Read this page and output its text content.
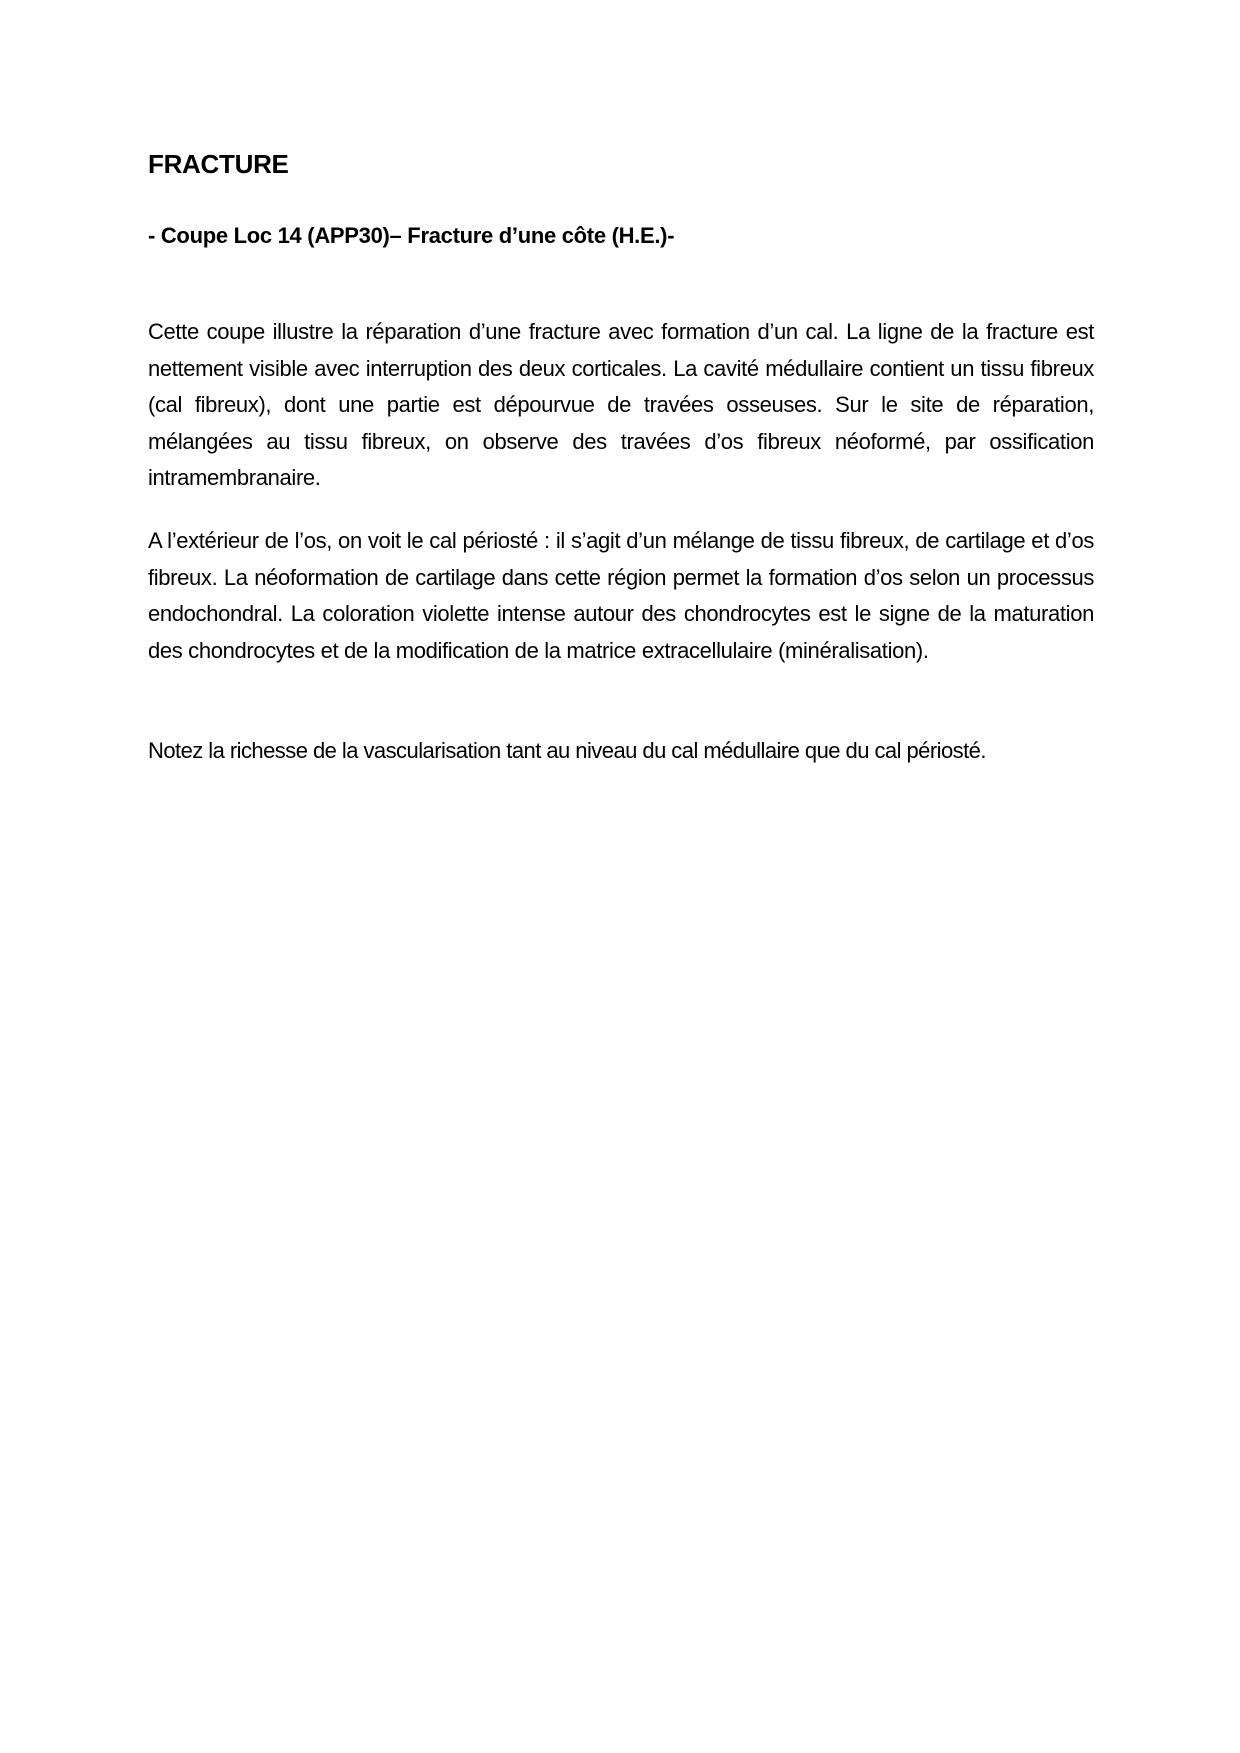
FRACTURE
- Coupe Loc 14 (APP30)– Fracture d’une côte (H.E.)-

Cette coupe illustre la réparation d’une fracture avec formation d’un cal. La ligne de la fracture est nettement visible avec interruption des deux corticales. La cavité médullaire contient un tissu fibreux (cal fibreux), dont une partie est dépourvue de travées osseuses. Sur le site de réparation, mélangées au tissu fibreux, on observe des travées d’os fibreux néoformé, par ossification intramembranaire.

A l’extérieur de l’os, on voit le cal périosté : il s’agit d’un mélange de tissu fibreux, de cartilage et d’os fibreux. La néoformation de cartilage dans cette région permet la formation d’os selon un processus endochondral. La coloration violette intense autour des chondrocytes est le signe de la maturation des chondrocytes et de la modification de la matrice extracellulaire (minéralisation).

Notez la richesse de la vascularisation tant au niveau du cal médullaire que du cal périosté.
